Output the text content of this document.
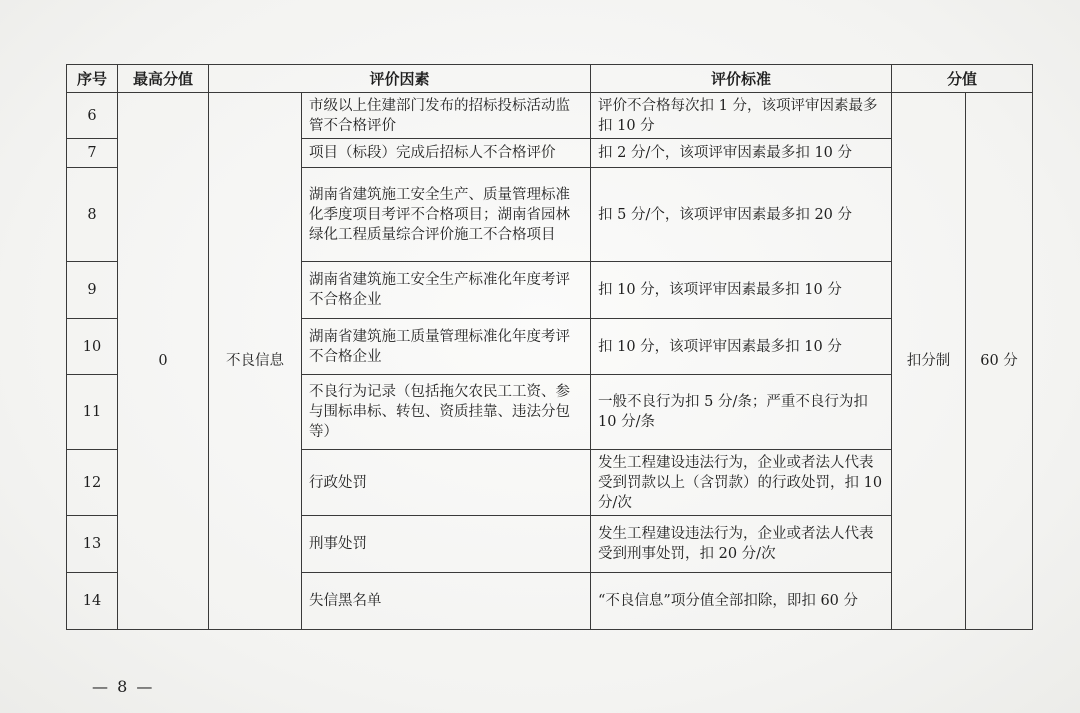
序号	最高分值	评价因素		评价标准	分值	
6	0	不良信息	市级以上住建部门发布的招标投标活动监管不合格评价	评价不合格每次扣 1 分，该项评审因素最多扣 10 分	扣分制	60 分
7			项目（标段）完成后招标人不合格评价	扣 2 分/个，该项评审因素最多扣 10 分		
8			湖南省建筑施工安全生产、质量管理标准化季度项目考评不合格项目；湖南省园林绿化工程质量综合评价施工不合格项目	扣 5 分/个，该项评审因素最多扣 20 分		
9			湖南省建筑施工安全生产标准化年度考评不合格企业	扣 10 分，该项评审因素最多扣 10 分		
10			湖南省建筑施工质量管理标准化年度考评不合格企业	扣 10 分，该项评审因素最多扣 10 分		
11			不良行为记录（包括拖欠农民工工资、参与围标串标、转包、资质挂靠、违法分包等）	一般不良行为扣 5 分/条；严重不良行为扣 10 分/条		
12			行政处罚	发生工程建设违法行为，企业或者法人代表受到罚款以上（含罚款）的行政处罚，扣 10 分/次		
13			刑事处罚	发生工程建设违法行为，企业或者法人代表受到刑事处罚，扣 20 分/次		
14			失信黑名单	“不良信息”项分值全部扣除，即扣 60 分		
— 8 —
